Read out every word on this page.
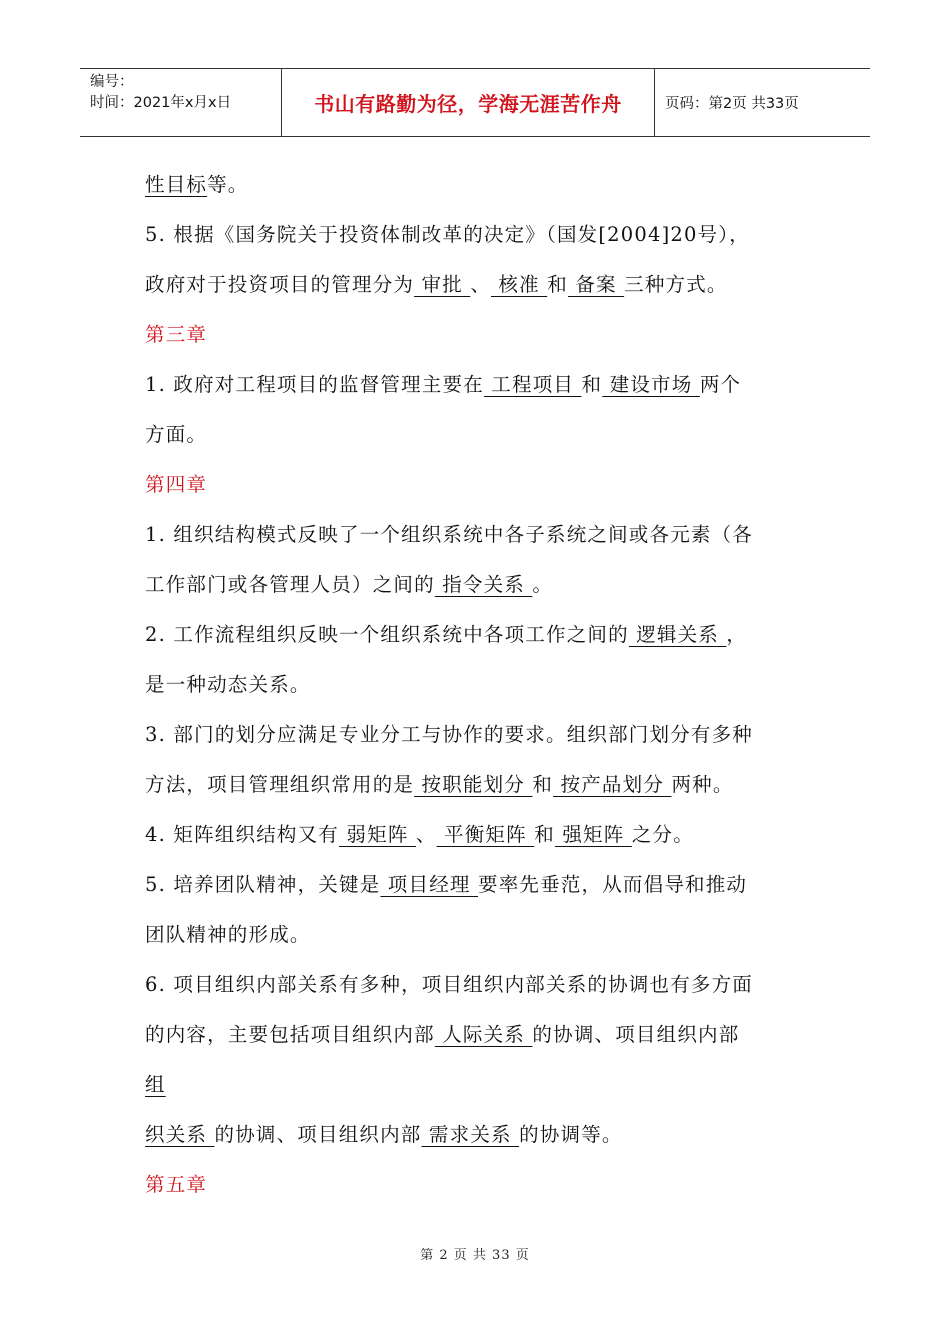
编号：
时间：2021年x月x日	书山有路勤为径，学海无涯苦作舟	页码：第2页 共33页
性目标等。
5. 根据《国务院关于投资体制改革的决定》（国发[2004]20号），
政府对于投资项目的管理分为 审批 、 核准 和 备案 三种方式。
第三章
1. 政府对工程项目的监督管理主要在 工程项目 和 建设市场 两个
方面。
第四章
1. 组织结构模式反映了一个组织系统中各子系统之间或各元素（各
工作部门或各管理人员）之间的 指令关系 。
2. 工作流程组织反映一个组织系统中各项工作之间的 逻辑关系 ，
是一种动态关系。
3. 部门的划分应满足专业分工与协作的要求。组织部门划分有多种
方法，项目管理组织常用的是 按职能划分 和 按产品划分 两种。
4. 矩阵组织结构又有 弱矩阵 、 平衡矩阵 和 强矩阵 之分。
5. 培养团队精神，关键是 项目经理 要率先垂范，从而倡导和推动
团队精神的形成。
6. 项目组织内部关系有多种，项目组织内部关系的协调也有多方面
的内容，主要包括项目组织内部 人际关系 的协调、项目组织内部
组
织关系 的协调、项目组织内部 需求关系 的协调等。
第五章
第 2 页 共 33 页
